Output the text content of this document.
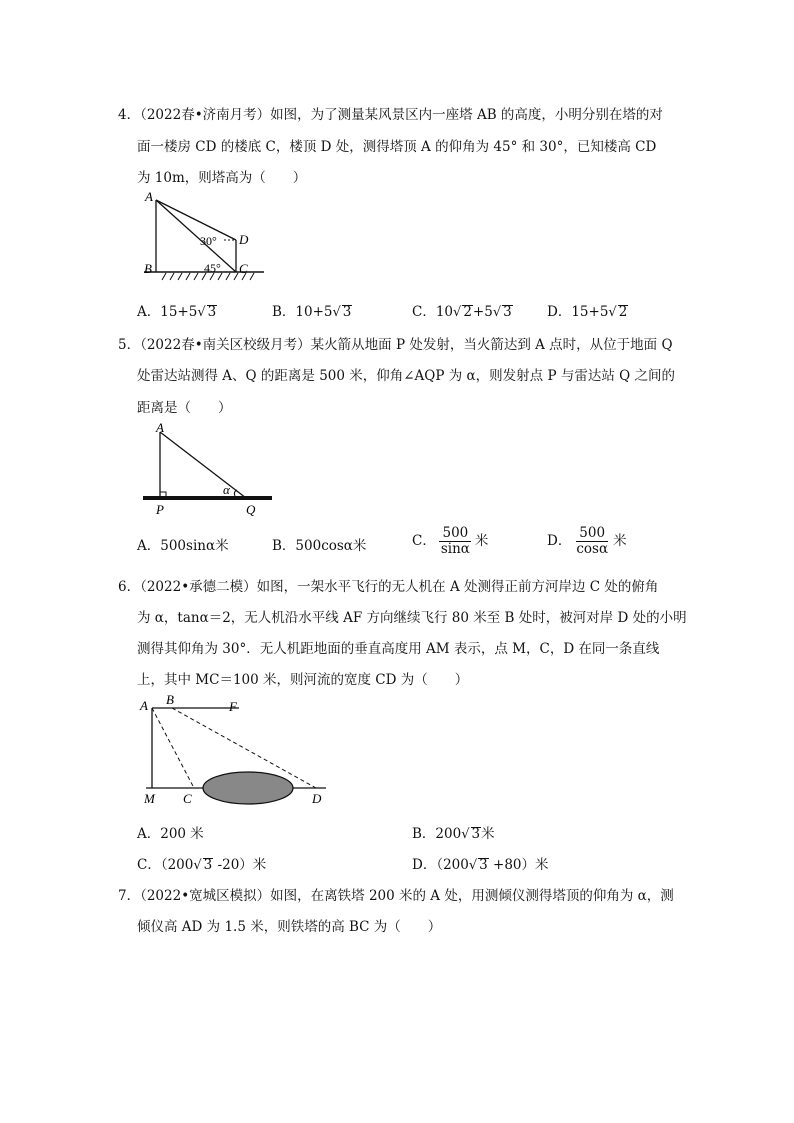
4．（2022春•济南月考）如图，为了测量某风景区内一座塔 AB 的高度，小明分别在塔的对
面一楼房 CD 的楼底 C，楼顶 D 处，测得塔顶 A 的仰角为 45° 和 30°，已知楼高 CD
为 10m，则塔高为（　　）
A
B	C
D
30°
45°
A．15+5√ 3	B．10+5√ 3	C．10√ 2+5√ 3	D．15+5√ 2
5．（2022春•南关区校级月考）某火箭从地面 P 处发射，当火箭达到 A 点时，从位于地面 Q
处雷达站测得 A、Q 的距离是 500 米，仰角∠AQP 为 α，则发射点 P 与雷达站 Q 之间的
距离是（　　）
A
P	Q
α
A．500sinα米	B．500cosα米	C． $\frac{500}{\sin\alpha}$ 米	D． $\frac{500}{\cos\alpha}$ 米
6．（2022•承德二模）如图，一架水平飞行的无人机在 A 处测得正前方河岸边 C 处的俯角
为 α，tanα＝2，无人机沿水平线 AF 方向继续飞行 80 米至 B 处时，被河对岸 D 处的小明
测得其仰角为 30°．无人机距地面的垂直高度用 AM 表示，点 M，C，D 在同一条直线
上，其中 MC＝100 米，则河流的宽度 CD 为（　　）
A B	F
M C	D
A．200 米	B．200√ 3米
C．（200√ 3 -20）米	D．（200√ 3 +80）米
7．（2022•宽城区模拟）如图，在离铁塔 200 米的 A 处，用测倾仪测得塔顶的仰角为 α，测
倾仪高 AD 为 1.5 米，则铁塔的高 BC 为（　　）
